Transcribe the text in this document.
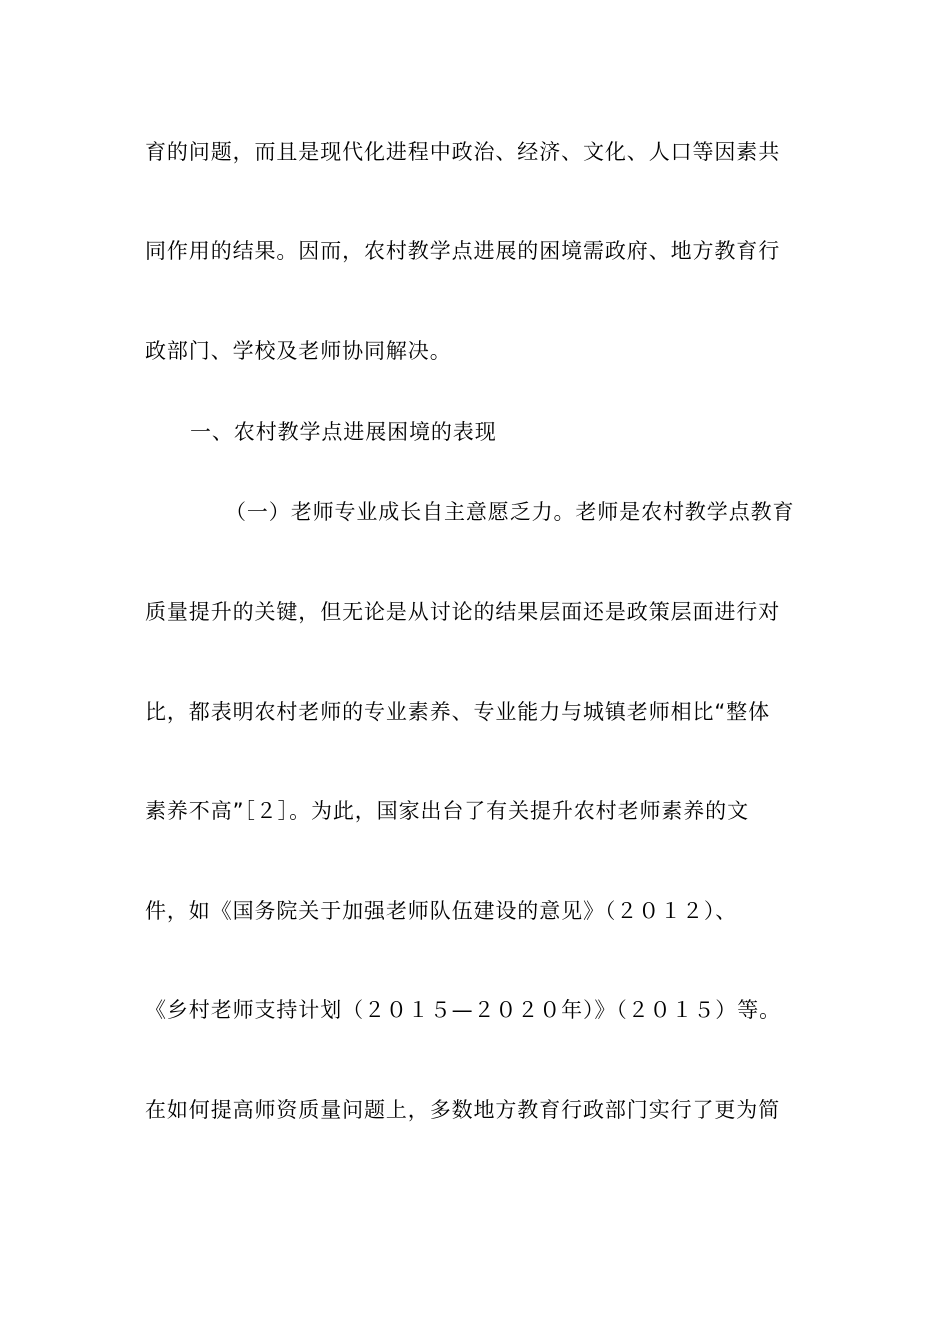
育的问题，而且是现代化进程中政治、经济、文化、人口等因素共
同作用的结果。因而，农村教学点进展的困境需政府、地方教育行
政部门、学校及老师协同解决。
一、农村教学点进展困境的表现
（一）老师专业成长自主意愿乏力。老师是农村教学点教育
质量提升的关键，但无论是从讨论的结果层面还是政策层面进行对
比，都表明农村老师的专业素养、专业能力与城镇老师相比“整体
素养不高”［２］。为此，国家出台了有关提升农村老师素养的文
件，如《国务院关于加强老师队伍建设的意见》（２０１２）、
《乡村老师支持计划（２０１５—２０２０年）》（２０１５）等。
在如何提高师资质量问题上，多数地方教育行政部门实行了更为简
